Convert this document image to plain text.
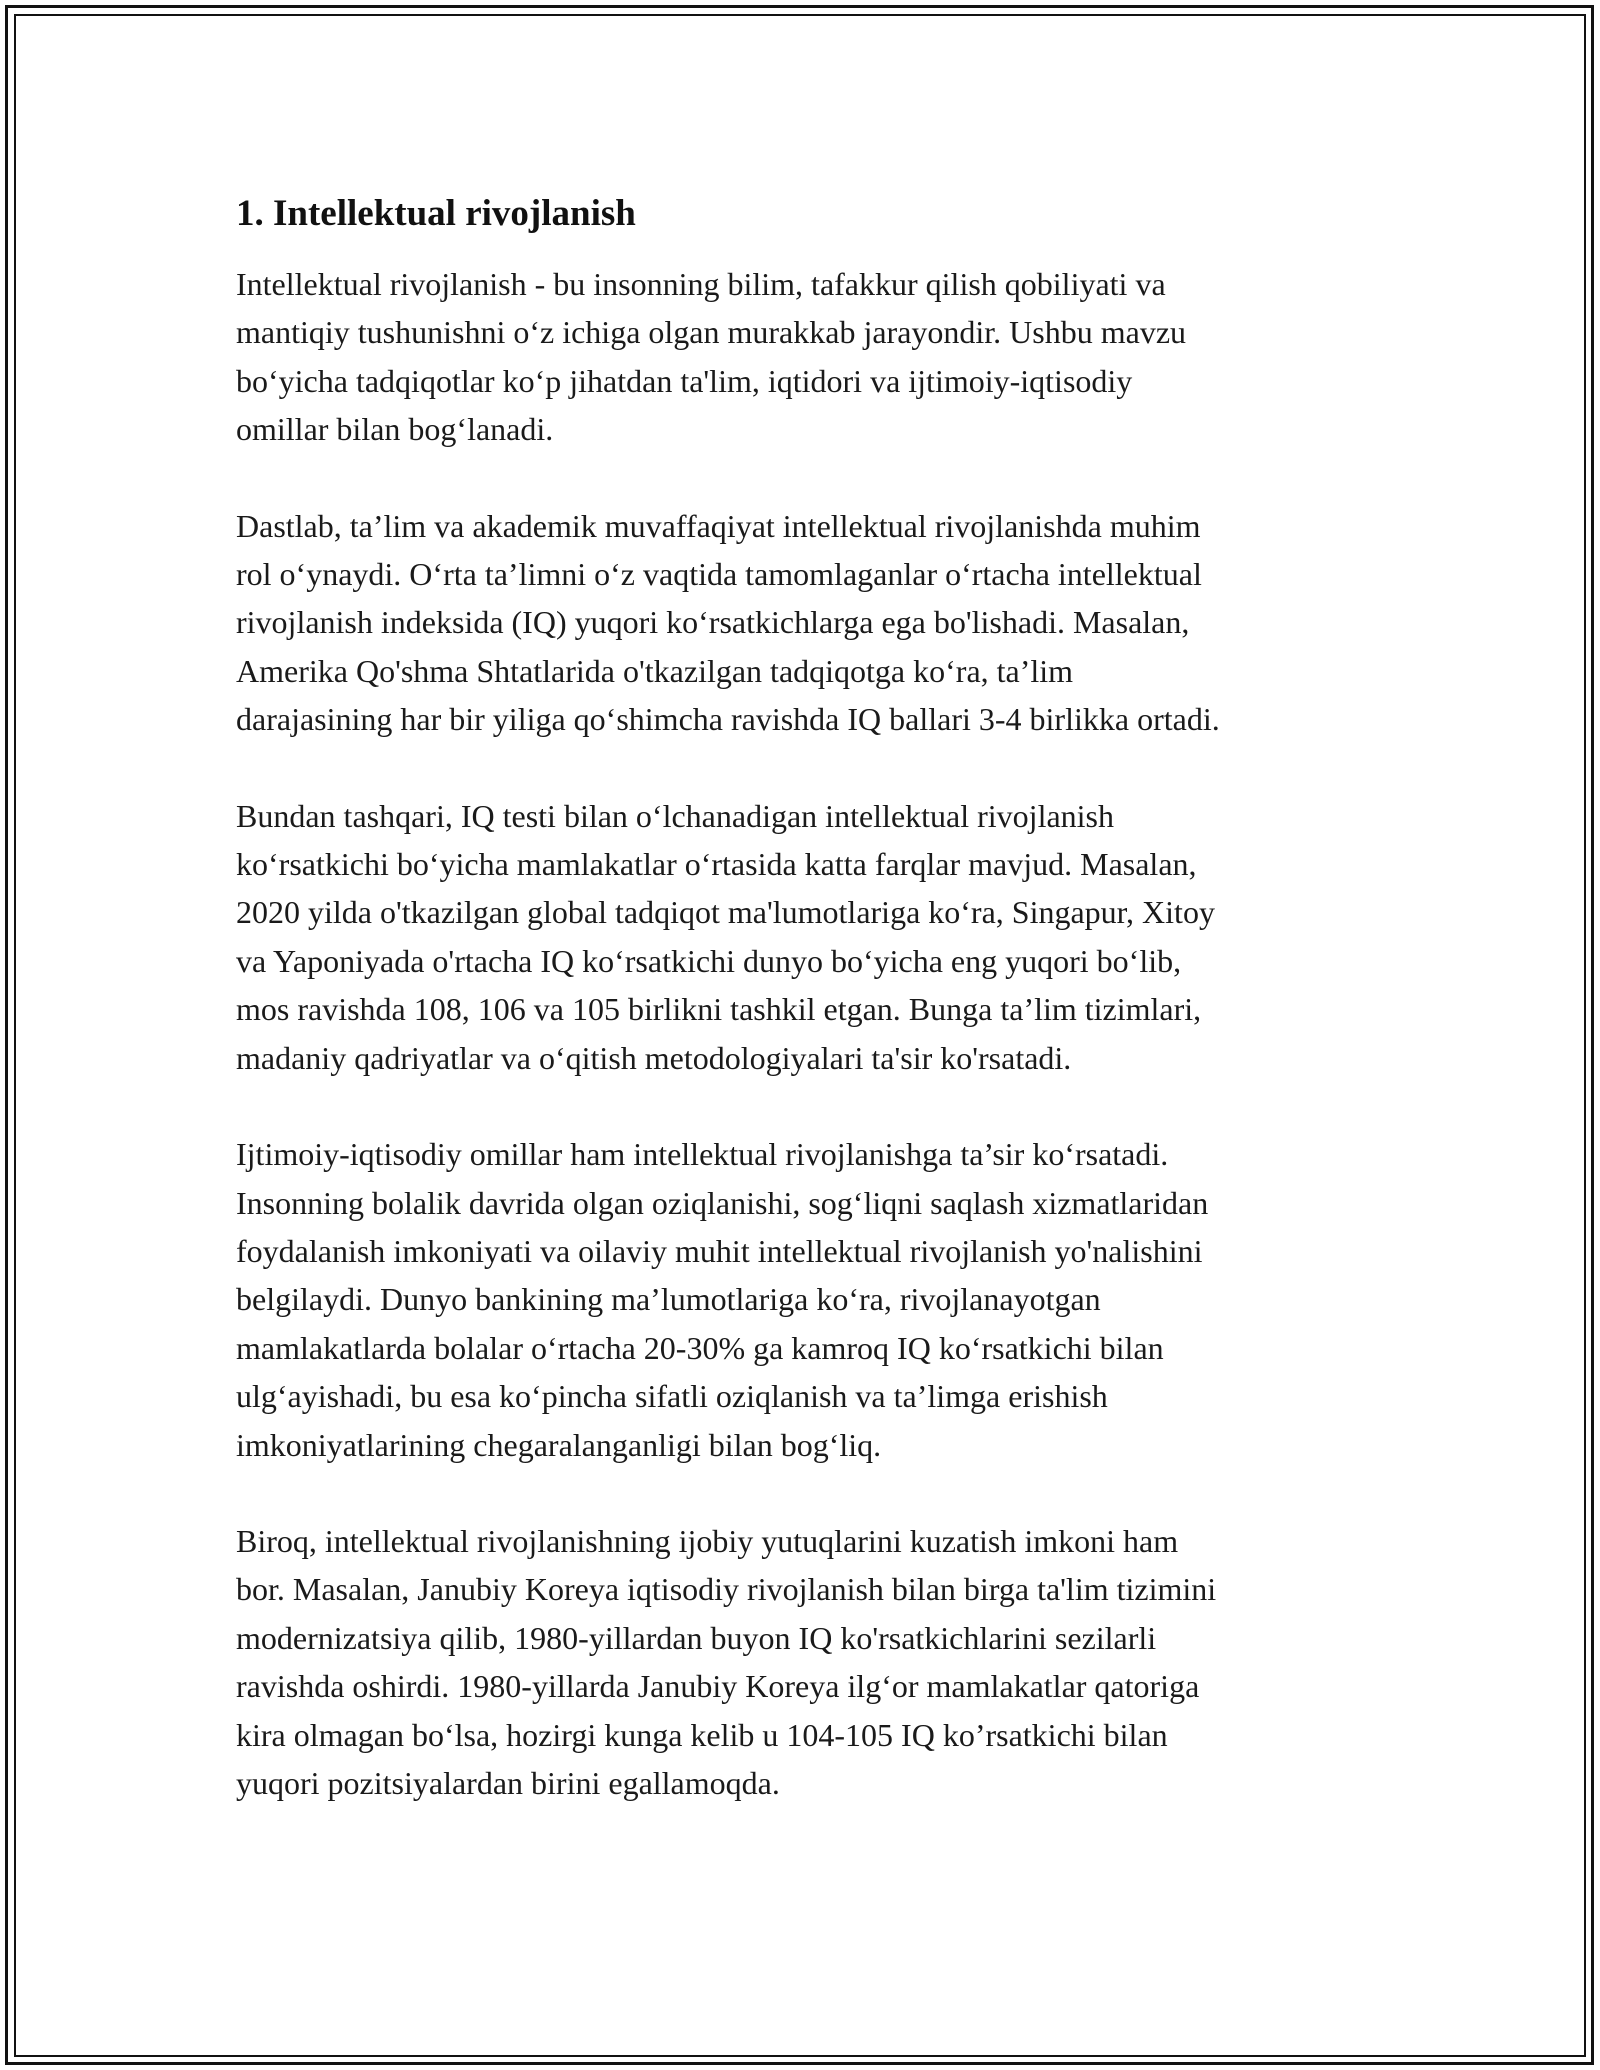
1. Intellektual rivojlanish

Intellektual rivojlanish - bu insonning bilim, tafakkur qilish qobiliyati va
mantiqiy tushunishni o‘z ichiga olgan murakkab jarayondir. Ushbu mavzu
bo‘yicha tadqiqotlar ko‘p jihatdan ta'lim, iqtidori va ijtimoiy-iqtisodiy
omillar bilan bog‘lanadi.

Dastlab, ta’lim va akademik muvaffaqiyat intellektual rivojlanishda muhim
rol o‘ynaydi. O‘rta ta’limni o‘z vaqtida tamomlaganlar o‘rtacha intellektual
rivojlanish indeksida (IQ) yuqori ko‘rsatkichlarga ega bo'lishadi. Masalan,
Amerika Qo'shma Shtatlarida o'tkazilgan tadqiqotga ko‘ra, ta’lim
darajasining har bir yiliga qo‘shimcha ravishda IQ ballari 3-4 birlikka ortadi.

Bundan tashqari, IQ testi bilan o‘lchanadigan intellektual rivojlanish
ko‘rsatkichi bo‘yicha mamlakatlar o‘rtasida katta farqlar mavjud. Masalan,
2020 yilda o'tkazilgan global tadqiqot ma'lumotlariga ko‘ra, Singapur, Xitoy
va Yaponiyada o'rtacha IQ ko‘rsatkichi dunyo bo‘yicha eng yuqori bo‘lib,
mos ravishda 108, 106 va 105 birlikni tashkil etgan. Bunga ta’lim tizimlari,
madaniy qadriyatlar va o‘qitish metodologiyalari ta'sir ko'rsatadi.

Ijtimoiy-iqtisodiy omillar ham intellektual rivojlanishga ta’sir ko‘rsatadi.
Insonning bolalik davrida olgan oziqlanishi, sog‘liqni saqlash xizmatlaridan
foydalanish imkoniyati va oilaviy muhit intellektual rivojlanish yo'nalishini
belgilaydi. Dunyo bankining ma’lumotlariga ko‘ra, rivojlanayotgan
mamlakatlarda bolalar o‘rtacha 20-30% ga kamroq IQ ko‘rsatkichi bilan
ulg‘ayishadi, bu esa ko‘pincha sifatli oziqlanish va ta’limga erishish
imkoniyatlarining chegaralanganligi bilan bog‘liq.

Biroq, intellektual rivojlanishning ijobiy yutuqlarini kuzatish imkoni ham
bor. Masalan, Janubiy Koreya iqtisodiy rivojlanish bilan birga ta'lim tizimini
modernizatsiya qilib, 1980-yillardan buyon IQ ko'rsatkichlarini sezilarli
ravishda oshirdi. 1980-yillarda Janubiy Koreya ilg‘or mamlakatlar qatoriga
kira olmagan bo‘lsa, hozirgi kunga kelib u 104-105 IQ ko’rsatkichi bilan
yuqori pozitsiyalardan birini egallamoqda.
